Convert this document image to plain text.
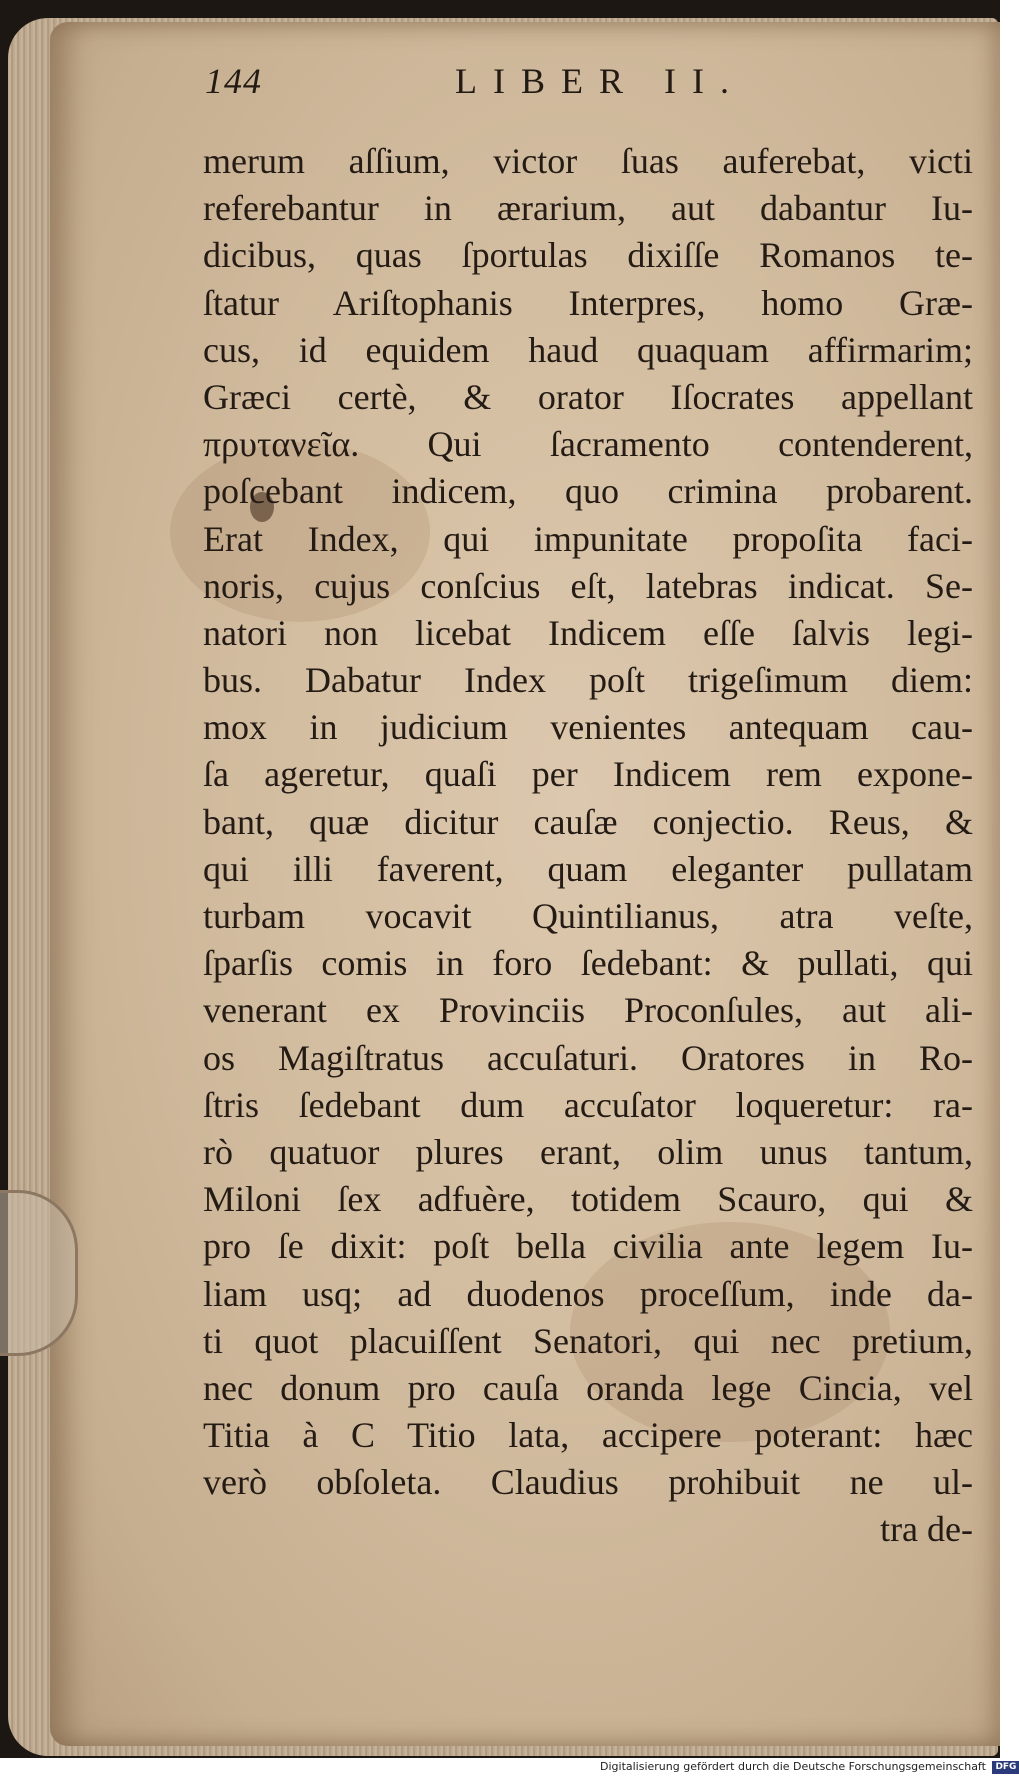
144	LIBER II.
merum aſſium, victor ſuas auferebat, victi
referebantur in ærarium, aut dabantur Iu-
dicibus, quas ſportulas dixiſſe Romanos te-
ſtatur Ariſtophanis Interpres, homo Græ-
cus, id equidem haud quaquam affirmarim;
Græci certè, & orator Iſocrates appellant
πρυτανεῖα. Qui ſacramento contenderent,
poſcebant indicem, quo crimina probarent.
Erat Index, qui impunitate propoſita faci-
noris, cujus conſcius eſt, latebras indicat. Se-
natori non licebat Indicem eſſe ſalvis legi-
bus. Dabatur Index poſt trigeſimum diem:
mox in judicium venientes antequam cau-
ſa ageretur, quaſi per Indicem rem expone-
bant, quæ dicitur cauſæ conjectio. Reus, &
qui illi faverent, quam eleganter pullatam
turbam vocavit Quintilianus, atra veſte,
ſparſis comis in foro ſedebant: & pullati, qui
venerant ex Provinciis Proconſules, aut ali-
os Magiſtratus accuſaturi. Oratores in Ro-
ſtris ſedebant dum accuſator loqueretur: ra-
rò quatuor plures erant, olim unus tantum,
Miloni ſex adfuère, totidem Scauro, qui &
pro ſe dixit: poſt bella civilia ante legem Iu-
liam usq; ad duodenos proceſſum, inde da-
ti quot placuiſſent Senatori, qui nec pretium,
nec donum pro cauſa oranda lege Cincia, vel
Titia à C Titio lata, accipere poterant: hæc
verò obſoleta. Claudius prohibuit ne ul-
tra de-
Digitalisierung gefördert durch die Deutsche Forschungsgemeinschaft DFG
